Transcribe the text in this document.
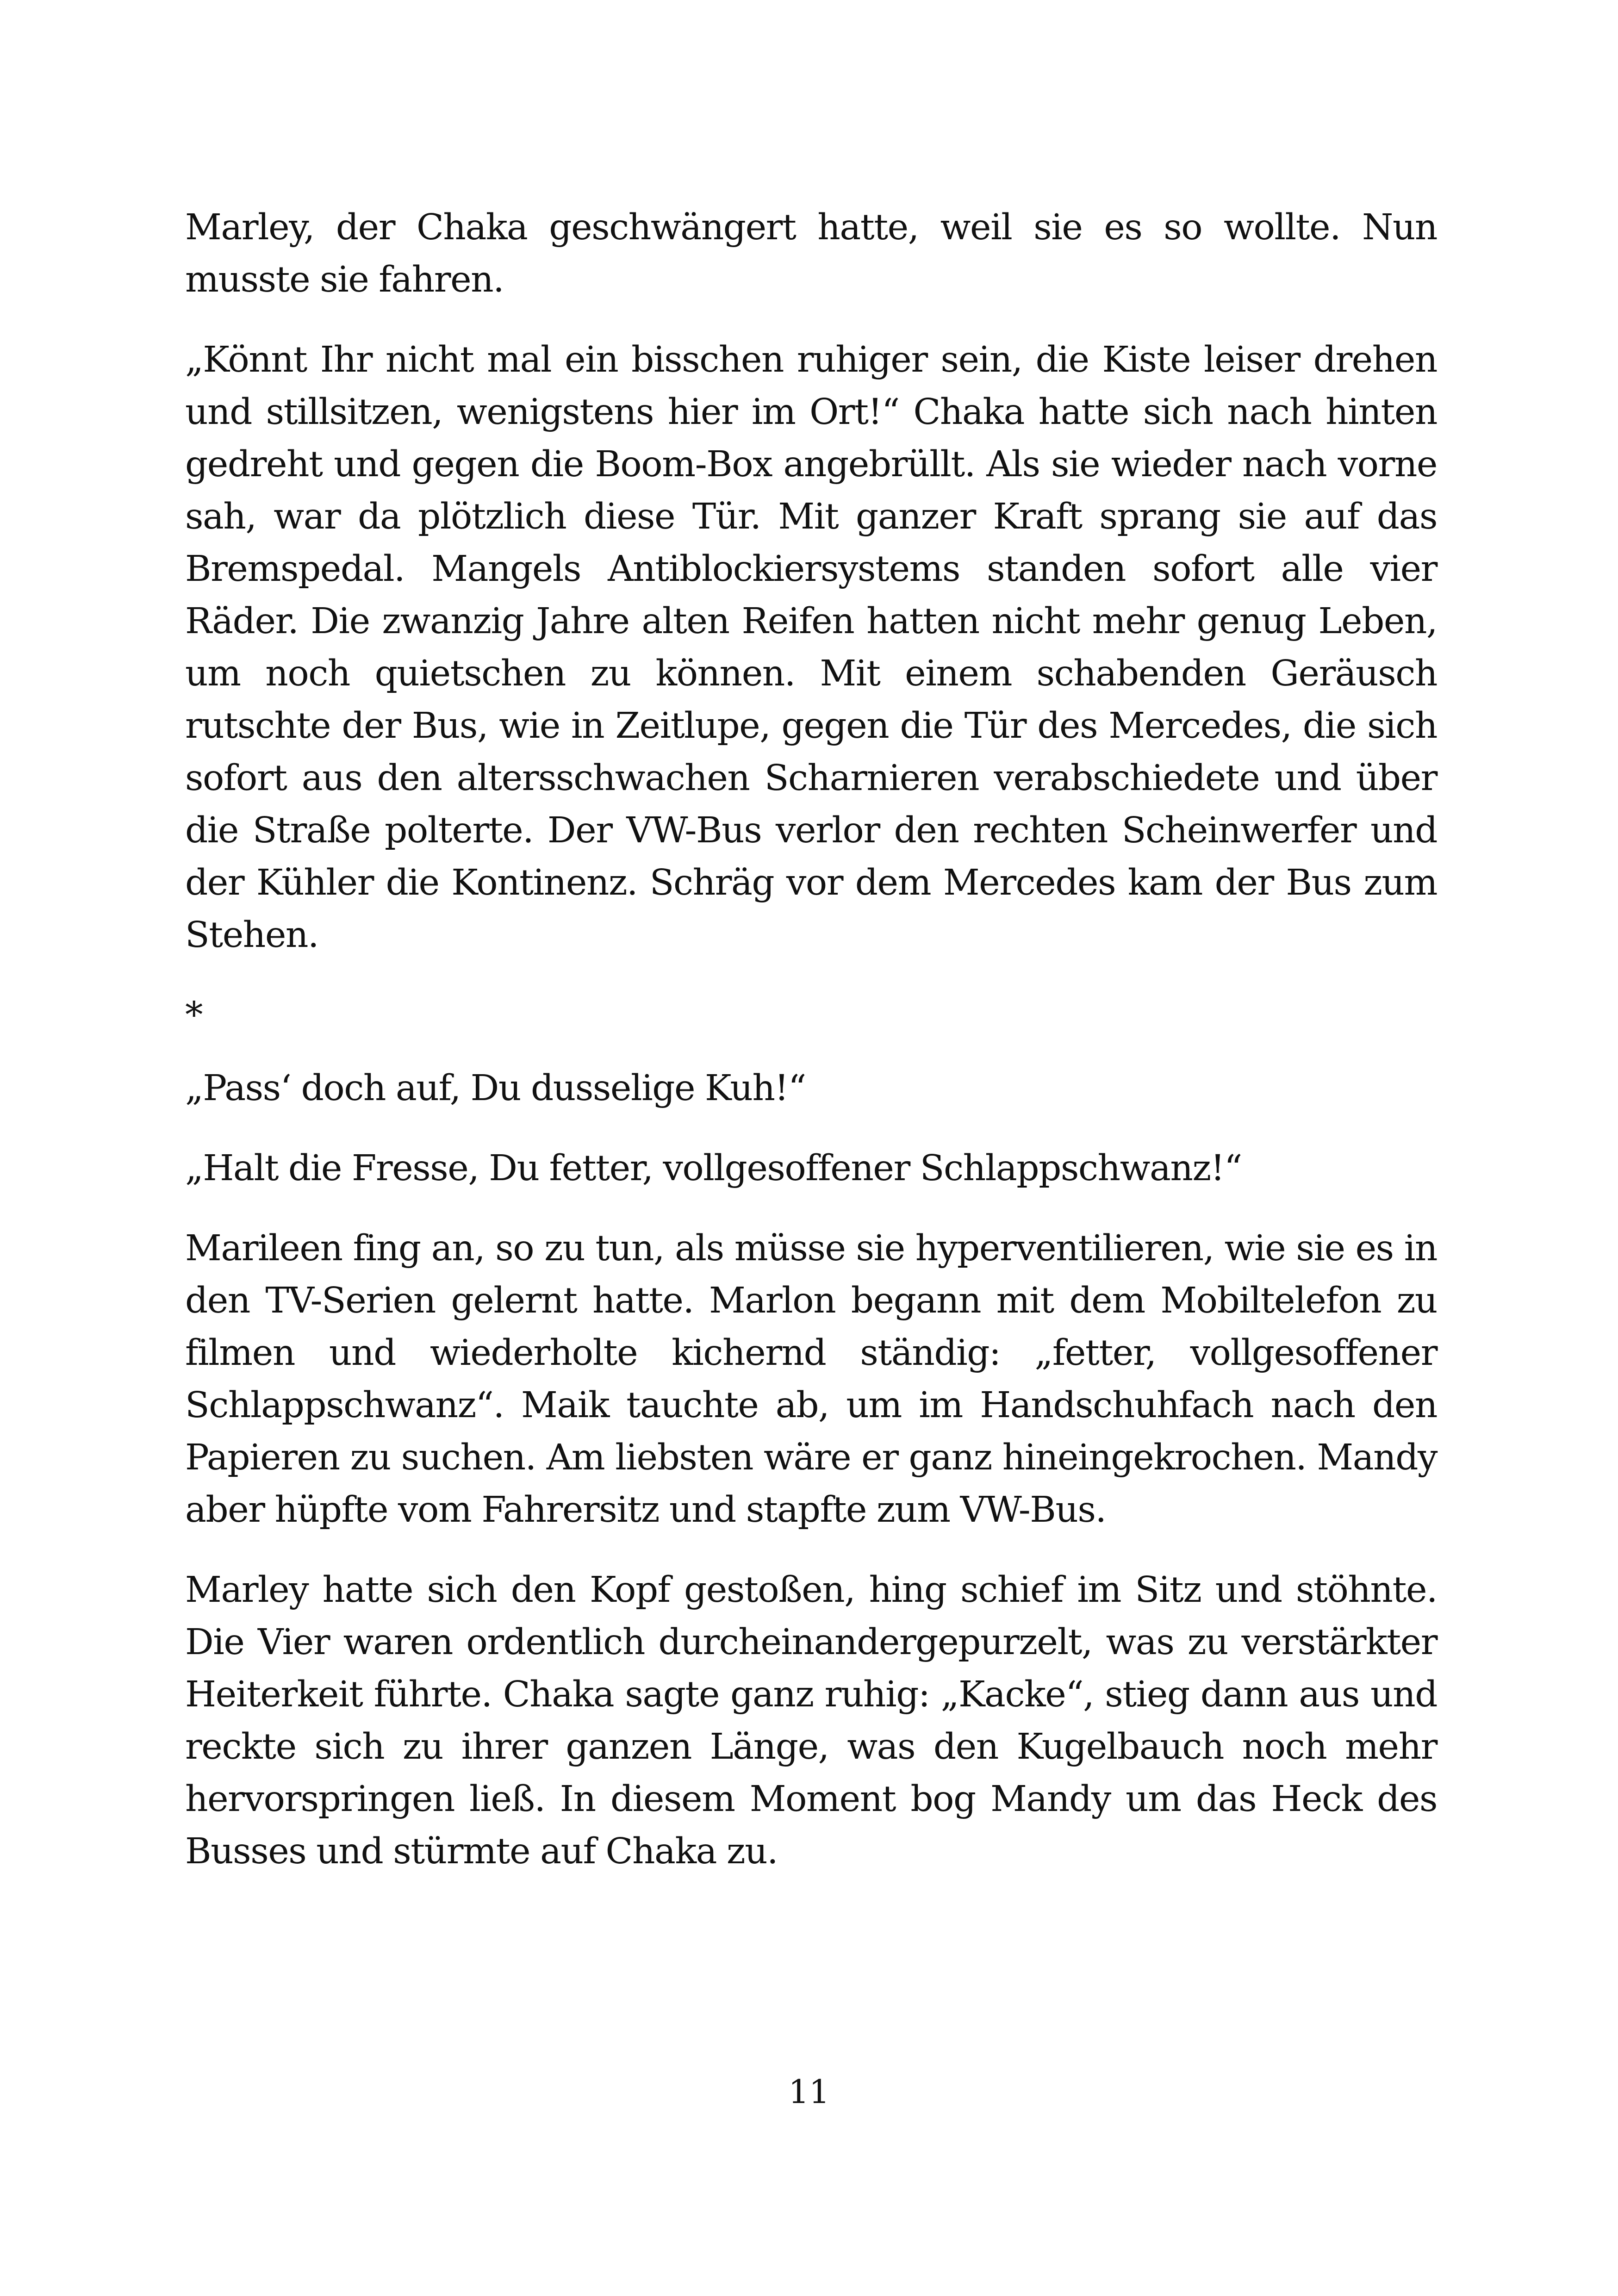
Marley, der Chaka geschwängert hatte, weil sie es so wollte. Nun musste sie fahren.

„Könnt Ihr nicht mal ein bisschen ruhiger sein, die Kiste leiser drehen und stillsitzen, wenigstens hier im Ort!“ Chaka hatte sich nach hinten gedreht und gegen die Boom-Box angebrüllt. Als sie wieder nach vorne sah, war da plötzlich diese Tür. Mit ganzer Kraft sprang sie auf das Bremspedal. Mangels Antiblockiersystems standen sofort alle vier Räder. Die zwanzig Jahre alten Reifen hatten nicht mehr genug Leben, um noch quietschen zu können. Mit einem schabenden Geräusch rutschte der Bus, wie in Zeitlupe, gegen die Tür des Mercedes, die sich sofort aus den altersschwachen Scharnieren verabschiedete und über die Straße polterte. Der VW-Bus verlor den rechten Scheinwerfer und der Kühler die Kontinenz. Schräg vor dem Mercedes kam der Bus zum Stehen.

*

„Pass‘ doch auf, Du dusselige Kuh!“

„Halt die Fresse, Du fetter, vollgesoffener Schlappschwanz!“

Marileen fing an, so zu tun, als müsse sie hyperventilieren, wie sie es in den TV-Serien gelernt hatte. Marlon begann mit dem Mobiltelefon zu filmen und wiederholte kichernd ständig: „fetter, vollgesoffener Schlappschwanz“. Maik tauchte ab, um im Handschuhfach nach den Papieren zu suchen. Am liebsten wäre er ganz hineingekrochen. Mandy aber hüpfte vom Fahrersitz und stapfte zum VW-Bus.

Marley hatte sich den Kopf gestoßen, hing schief im Sitz und stöhnte. Die Vier waren ordentlich durcheinandergepurzelt, was zu verstärkter Heiterkeit führte. Chaka sagte ganz ruhig: „Kacke“, stieg dann aus und reckte sich zu ihrer ganzen Länge, was den Kugelbauch noch mehr hervorspringen ließ. In diesem Moment bog Mandy um das Heck des Busses und stürmte auf Chaka zu.

11
